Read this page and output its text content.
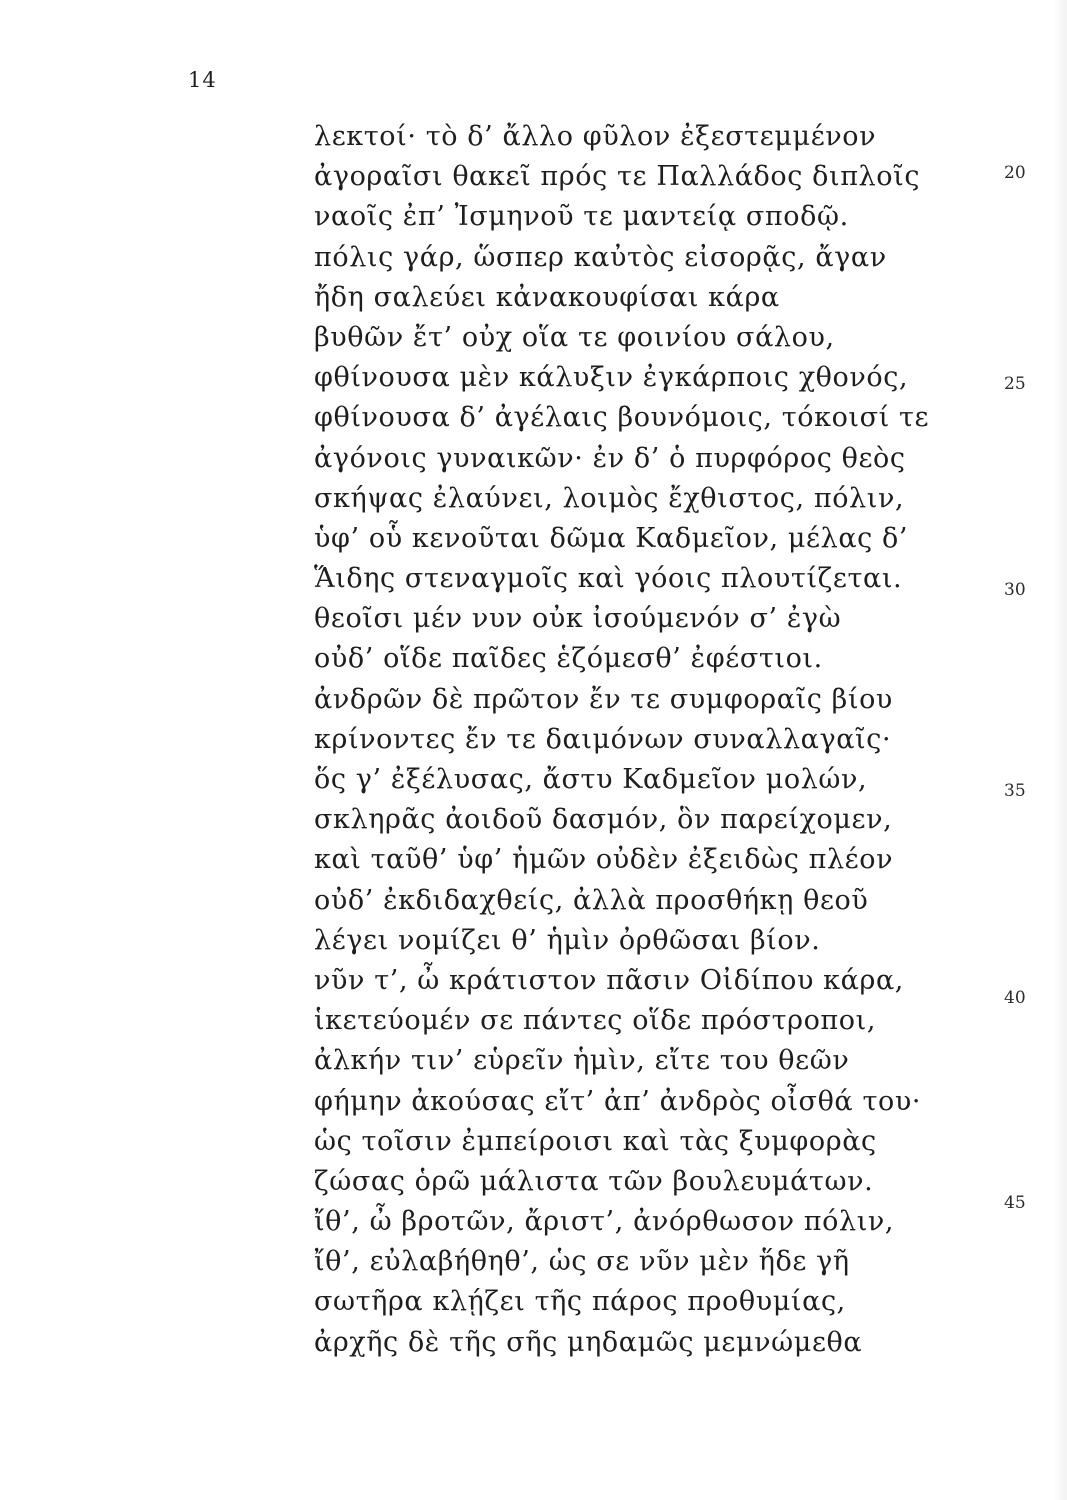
14
λεκτοί· τὸ δ’ ἄλλο φῦλον ἐξεστεμμένον
ἀγοραῖσι θακεῖ πρός τε Παλλάδος διπλοῖς
ναοῖς ἐπ’ Ἰσμηνοῦ τε μαντείᾳ σποδῷ.
πόλις γάρ, ὥσπερ καὐτὸς εἰσορᾷς, ἄγαν
ἤδη σαλεύει κἀνακουφίσαι κάρα
βυθῶν ἔτ’ οὐχ οἵα τε φοινίου σάλου,
φθίνουσα μὲν κάλυξιν ἐγκάρποις χθονός,
φθίνουσα δ’ ἀγέλαις βουνόμοις, τόκοισί τε
ἀγόνοις γυναικῶν· ἐν δ’ ὁ πυρφόρος θεὸς
σκήψας ἐλαύνει, λοιμὸς ἔχθιστος, πόλιν,
ὑφ’ οὗ κενοῦται δῶμα Καδμεῖον, μέλας δ’
Ἅιδης στεναγμοῖς καὶ γόοις πλουτίζεται.
θεοῖσι μέν νυν οὐκ ἰσούμενόν σ’ ἐγὼ
οὐδ’ οἵδε παῖδες ἑζόμεσθ’ ἐφέστιοι.
ἀνδρῶν δὲ πρῶτον ἔν τε συμφοραῖς βίου
κρίνοντες ἔν τε δαιμόνων συναλλαγαῖς·
ὅς γ’ ἐξέλυσας, ἄστυ Καδμεῖον μολών,
σκληρᾶς ἀοιδοῦ δασμόν, ὃν παρείχομεν,
καὶ ταῦθ’ ὑφ’ ἡμῶν οὐδὲν ἐξειδὼς πλέον
οὐδ’ ἐκδιδαχθείς, ἀλλὰ προσθήκῃ θεοῦ
λέγει νομίζει θ’ ἡμὶν ὀρθῶσαι βίον.
νῦν τ’, ὦ κράτιστον πᾶσιν Οἰδίπου κάρα,
ἱκετεύομέν σε πάντες οἵδε πρόστροποι,
ἀλκήν τιν’ εὑρεῖν ἡμὶν, εἴτε του θεῶν
φήμην ἀκούσας εἴτ’ ἀπ’ ἀνδρὸς οἶσθά του·
ὡς τοῖσιν ἐμπείροισι καὶ τὰς ξυμφορὰς
ζώσας ὁρῶ μάλιστα τῶν βουλευμάτων.
ἴθ’, ὦ βροτῶν, ἄριστ’, ἀνόρθωσον πόλιν,
ἴθ’, εὐλαβήθηθ’, ὡς σε νῦν μὲν ἥδε γῆ
σωτῆρα κλῄζει τῆς πάρος προθυμίας,
ἀρχῆς δὲ τῆς σῆς μηδαμῶς μεμνώμεθα
20
25
30
35
40
45
